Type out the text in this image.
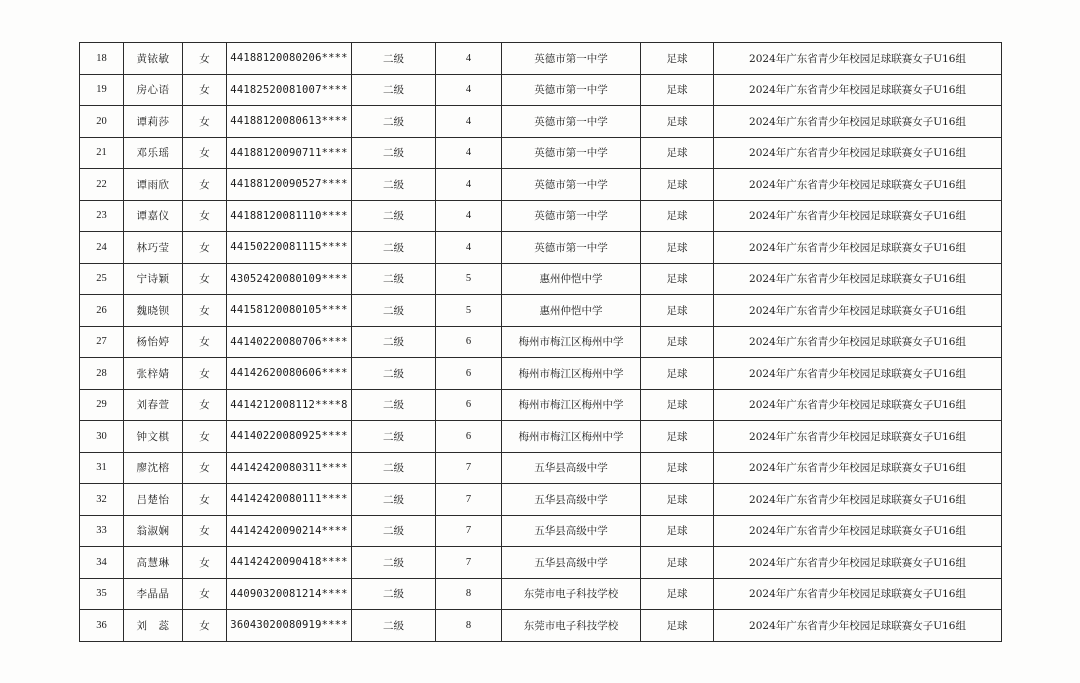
18	黄铱敏	女	44188120080206****	二级	4	英德市第一中学	足球	2024年广东省青少年校园足球联赛女子U16组
19	房心语	女	44182520081007****	二级	4	英德市第一中学	足球	2024年广东省青少年校园足球联赛女子U16组
20	谭莉莎	女	44188120080613****	二级	4	英德市第一中学	足球	2024年广东省青少年校园足球联赛女子U16组
21	邓乐瑶	女	44188120090711****	二级	4	英德市第一中学	足球	2024年广东省青少年校园足球联赛女子U16组
22	谭雨欣	女	44188120090527****	二级	4	英德市第一中学	足球	2024年广东省青少年校园足球联赛女子U16组
23	谭嘉仪	女	44188120081110****	二级	4	英德市第一中学	足球	2024年广东省青少年校园足球联赛女子U16组
24	林巧莹	女	44150220081115****	二级	4	英德市第一中学	足球	2024年广东省青少年校园足球联赛女子U16组
25	宁诗颖	女	43052420080109****	二级	5	惠州仲恺中学	足球	2024年广东省青少年校园足球联赛女子U16组
26	魏晓钡	女	44158120080105****	二级	5	惠州仲恺中学	足球	2024年广东省青少年校园足球联赛女子U16组
27	杨怡婷	女	44140220080706****	二级	6	梅州市梅江区梅州中学	足球	2024年广东省青少年校园足球联赛女子U16组
28	张梓婧	女	44142620080606****	二级	6	梅州市梅江区梅州中学	足球	2024年广东省青少年校园足球联赛女子U16组
29	刘春萱	女	4414212008112****8	二级	6	梅州市梅江区梅州中学	足球	2024年广东省青少年校园足球联赛女子U16组
30	钟文棋	女	44140220080925****	二级	6	梅州市梅江区梅州中学	足球	2024年广东省青少年校园足球联赛女子U16组
31	廖沈榕	女	44142420080311****	二级	7	五华县高级中学	足球	2024年广东省青少年校园足球联赛女子U16组
32	吕楚怡	女	44142420080111****	二级	7	五华县高级中学	足球	2024年广东省青少年校园足球联赛女子U16组
33	翁淑娴	女	44142420090214****	二级	7	五华县高级中学	足球	2024年广东省青少年校园足球联赛女子U16组
34	高慧琳	女	44142420090418****	二级	7	五华县高级中学	足球	2024年广东省青少年校园足球联赛女子U16组
35	李晶晶	女	44090320081214****	二级	8	东莞市电子科技学校	足球	2024年广东省青少年校园足球联赛女子U16组
36	刘　蕊	女	36043020080919****	二级	8	东莞市电子科技学校	足球	2024年广东省青少年校园足球联赛女子U16组
